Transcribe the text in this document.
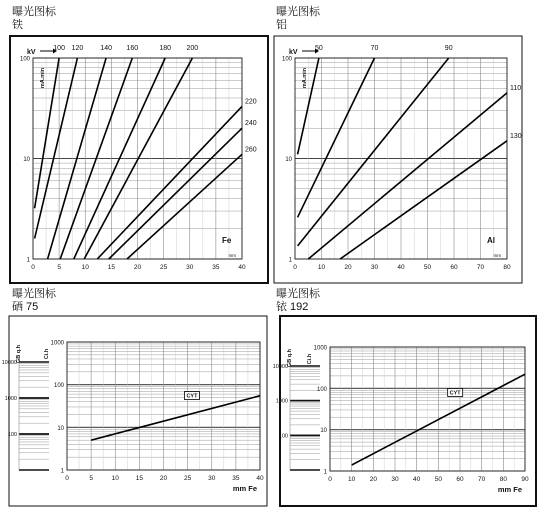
曝光图标
铁
曝光图标
铝
曝光图标
硒 75
曝光图标
铱 192
0	5	10	15	20	25	30	35	40
1
10
100
kV
100 120 140 160	180 200
220
240
260
mA.min
Fe
mm
0	10	20	30	40	50	60	70	80
1
10
100
kV
50	70	90
110
130
mA.min
Al
mm
0	5	10	15	20	25	30	35	40
1
10
100
1000
Ci.h
mm Fe
CYT
100
1000
10000 GB q.h
0 10 20 30 40 50 60 70 80 90
1
10
100
1000
Ci.h
mm Fe
CYT
100
1000
10000 GB q.h
